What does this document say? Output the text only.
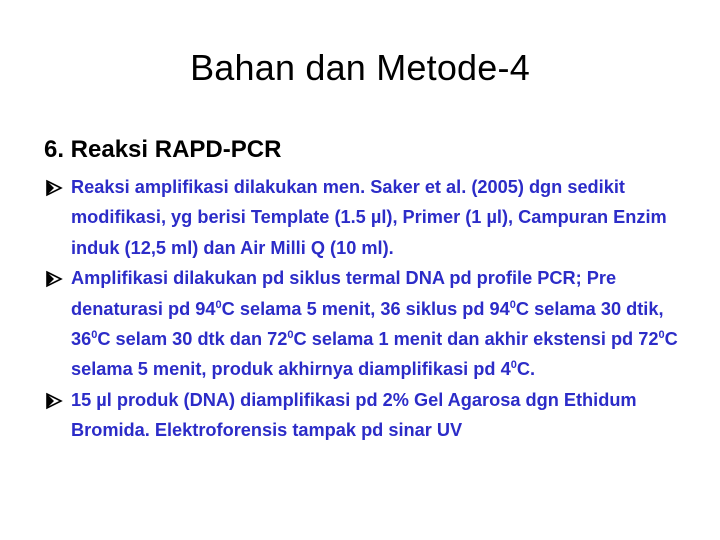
Bahan dan Metode-4
6. Reaksi RAPD-PCR
Reaksi amplifikasi dilakukan men. Saker et al. (2005) dgn sedikit modifikasi, yg berisi Template (1.5 µl), Primer (1 µl), Campuran Enzim induk (12,5 ml) dan Air Milli Q (10 ml).
Amplifikasi dilakukan pd siklus termal DNA pd profile PCR; Pre denaturasi pd $94^0C$ selama 5 menit, 36 siklus pd $94^0C$ selama 30 dtik, $36^0C$ selam 30 dtk dan $72^0C$ selama 1 menit dan akhir ekstensi pd $72^0C$ selama 5 menit, produk akhirnya diamplifikasi pd $4^0C$.
15 µl produk (DNA) diamplifikasi pd 2% Gel Agarosa dgn Ethidum Bromida. Elektroforensis tampak pd sinar UV
